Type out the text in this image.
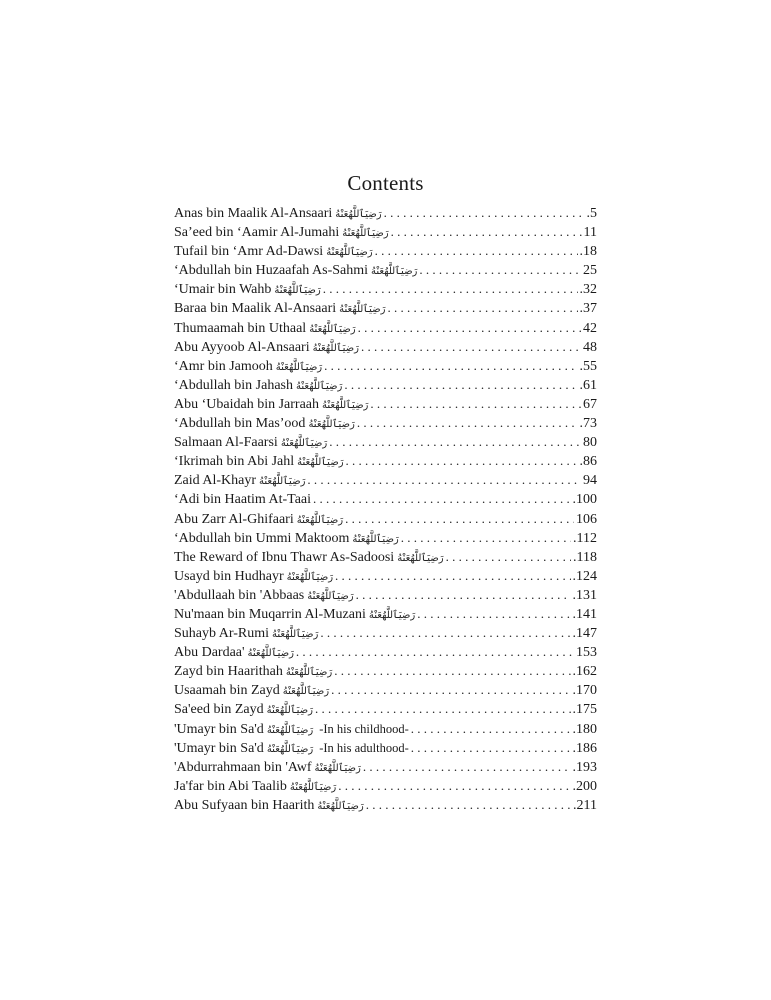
Contents
Anas bin Maalik Al-Ansaari رَضِيَٱللَّهُعَنْهُ . . .	.5
Sa’eed bin ‘Aamir Al-Jumahi رَضِيَٱللَّهُعَنْهُ . . .	11
Tufail bin ‘Amr Ad-Dawsi رَضِيَٱللَّهُعَنْهُ . . .	.18
‘Abdullah bin Huzaafah As-Sahmi رَضِيَٱللَّهُعَنْهُ . . .	25
‘Umair bin Wahb رَضِيَٱللَّهُعَنْهُ . . .	.32
Baraa bin Maalik Al-Ansaari رَضِيَٱللَّهُعَنْهُ . . .	.37
Thumaamah bin Uthaal رَضِيَٱللَّهُعَنْهُ . . .	42
Abu Ayyoob Al-Ansaari رَضِيَٱللَّهُعَنْهُ . . .	48
‘Amr bin Jamooh رَضِيَٱللَّهُعَنْهُ . . .	.55
‘Abdullah bin Jahash رَضِيَٱللَّهُعَنْهُ . . .	.61
Abu ‘Ubaidah bin Jarraah رَضِيَٱللَّهُعَنْهُ . . .	67
‘Abdullah bin Mas’ood رَضِيَٱللَّهُعَنْهُ . . .	.73
Salmaan Al-Faarsi رَضِيَٱللَّهُعَنْهُ . . .	80
‘Ikrimah bin Abi Jahl رَضِيَٱللَّهُعَنْهُ . . .	.86
Zaid Al-Khayr رَضِيَٱللَّهُعَنْهُ . . .	94
‘Adi bin Haatim At-Taai . . .	.100
Abu Zarr Al-Ghifaari رَضِيَٱللَّهُعَنْهُ . . .	106
‘Abdullah bin Ummi Maktoom رَضِيَٱللَّهُعَنْهُ . . .	.112
The Reward of Ibnu Thawr As-Sadoosi رَضِيَٱللَّهُعَنْهُ . . .	.118
Usayd bin Hudhayr رَضِيَٱللَّهُعَنْهُ . . .	.124
'Abdullaah bin 'Abbaas رَضِيَٱللَّهُعَنْهُ . . .	.131
Nu'maan bin Muqarrin Al-Muzani رَضِيَٱللَّهُعَنْهُ . . .	.141
Suhayb Ar-Rumi رَضِيَٱللَّهُعَنْهُ . . .	.147
Abu Dardaa' رَضِيَٱللَّهُعَنْهُ . . .	153
Zayd bin Haarithah رَضِيَٱللَّهُعَنْهُ . . .	.162
Usaamah bin Zayd رَضِيَٱللَّهُعَنْهُ . . .	.170
Sa'eed bin Zayd رَضِيَٱللَّهُعَنْهُ . . .	.175
'Umayr bin Sa'd رَضِيَٱللَّهُعَنْهُ -In his childhood- . . .	.180
'Umayr bin Sa'd رَضِيَٱللَّهُعَنْهُ -In his adulthood- . . .	.186
'Abdurrahmaan bin 'Awf رَضِيَٱللَّهُعَنْهُ . . .	.193
Ja'far bin Abi Taalib رَضِيَٱللَّهُعَنْهُ . . .	.200
Abu Sufyaan bin Haarith رَضِيَٱللَّهُعَنْهُ . . .	.211
